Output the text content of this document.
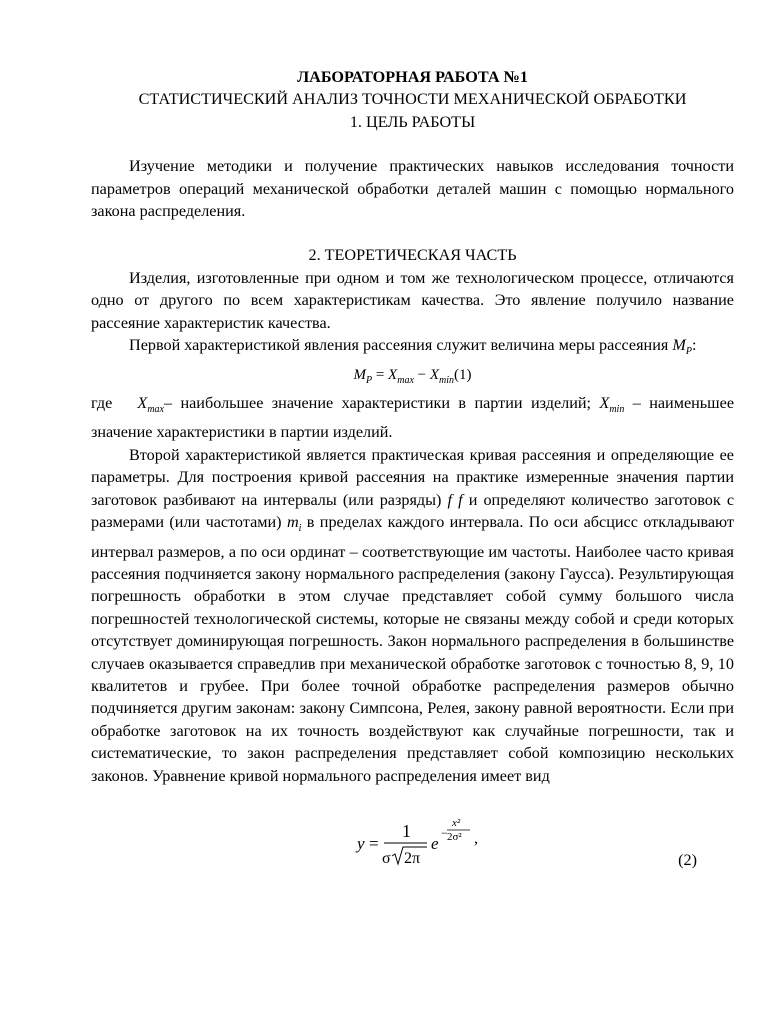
ЛАБОРАТОРНАЯ РАБОТА №1
СТАТИСТИЧЕСКИЙ АНАЛИЗ ТОЧНОСТИ МЕХАНИЧЕСКОЙ ОБРАБОТКИ
1. ЦЕЛЬ РАБОТЫ

Изучение методики и получение практических навыков исследования точности параметров операций механической обработки деталей машин с помощью нормального закона распределения.

2. ТЕОРЕТИЧЕСКАЯ ЧАСТЬ

Изделия, изготовленные при одном и том же технологическом процессе, отличаются одно от другого по всем характеристикам качества. Это явление получило название рассеяние характеристик качества.

Первой характеристикой явления рассеяния служит величина меры рассеяния $M_P$:

$M_P = X_{max} - X_{min}(1)$

где $X_{max}-$ наибольшее значение характеристики в партии изделий; $X_{min}$ – наименьшее значение характеристики в партии изделий.

Второй характеристикой является практическая кривая рассеяния и определяющие ее параметры. Для построения кривой рассеяния на практике измеренные значения партии заготовок разбивают на интервалы (или разряды) f f и определяют количество заготовок с размерами (или частотами) $m_i$ в пределах каждого интервала. По оси абсцисс откладывают интервал размеров, а по оси ординат – соответствующие им частоты. Наиболее часто кривая рассеяния подчиняется закону нормального распределения (закону Гаусса). Результирующая погрешность обработки в этом случае представляет собой сумму большого числа погрешностей технологической системы, которые не связаны между собой и среди которых отсутствует доминирующая погрешность. Закон нормального распределения в большинстве случаев оказывается справедлив при механической обработке заготовок с точностью 8, 9, 10 квалитетов и грубее. При более точной обработке распределения размеров обычно подчиняется другим законам: закону Симпсона, Релея, закону равной вероятности. Если при обработке заготовок на их точность воздействуют как случайные погрешности, так и систематические, то закон распределения представляет собой композицию нескольких законов. Уравнение кривой нормального распределения имеет вид

y =
1
σ 2π
e
−
x²
2σ² ,
(2)
